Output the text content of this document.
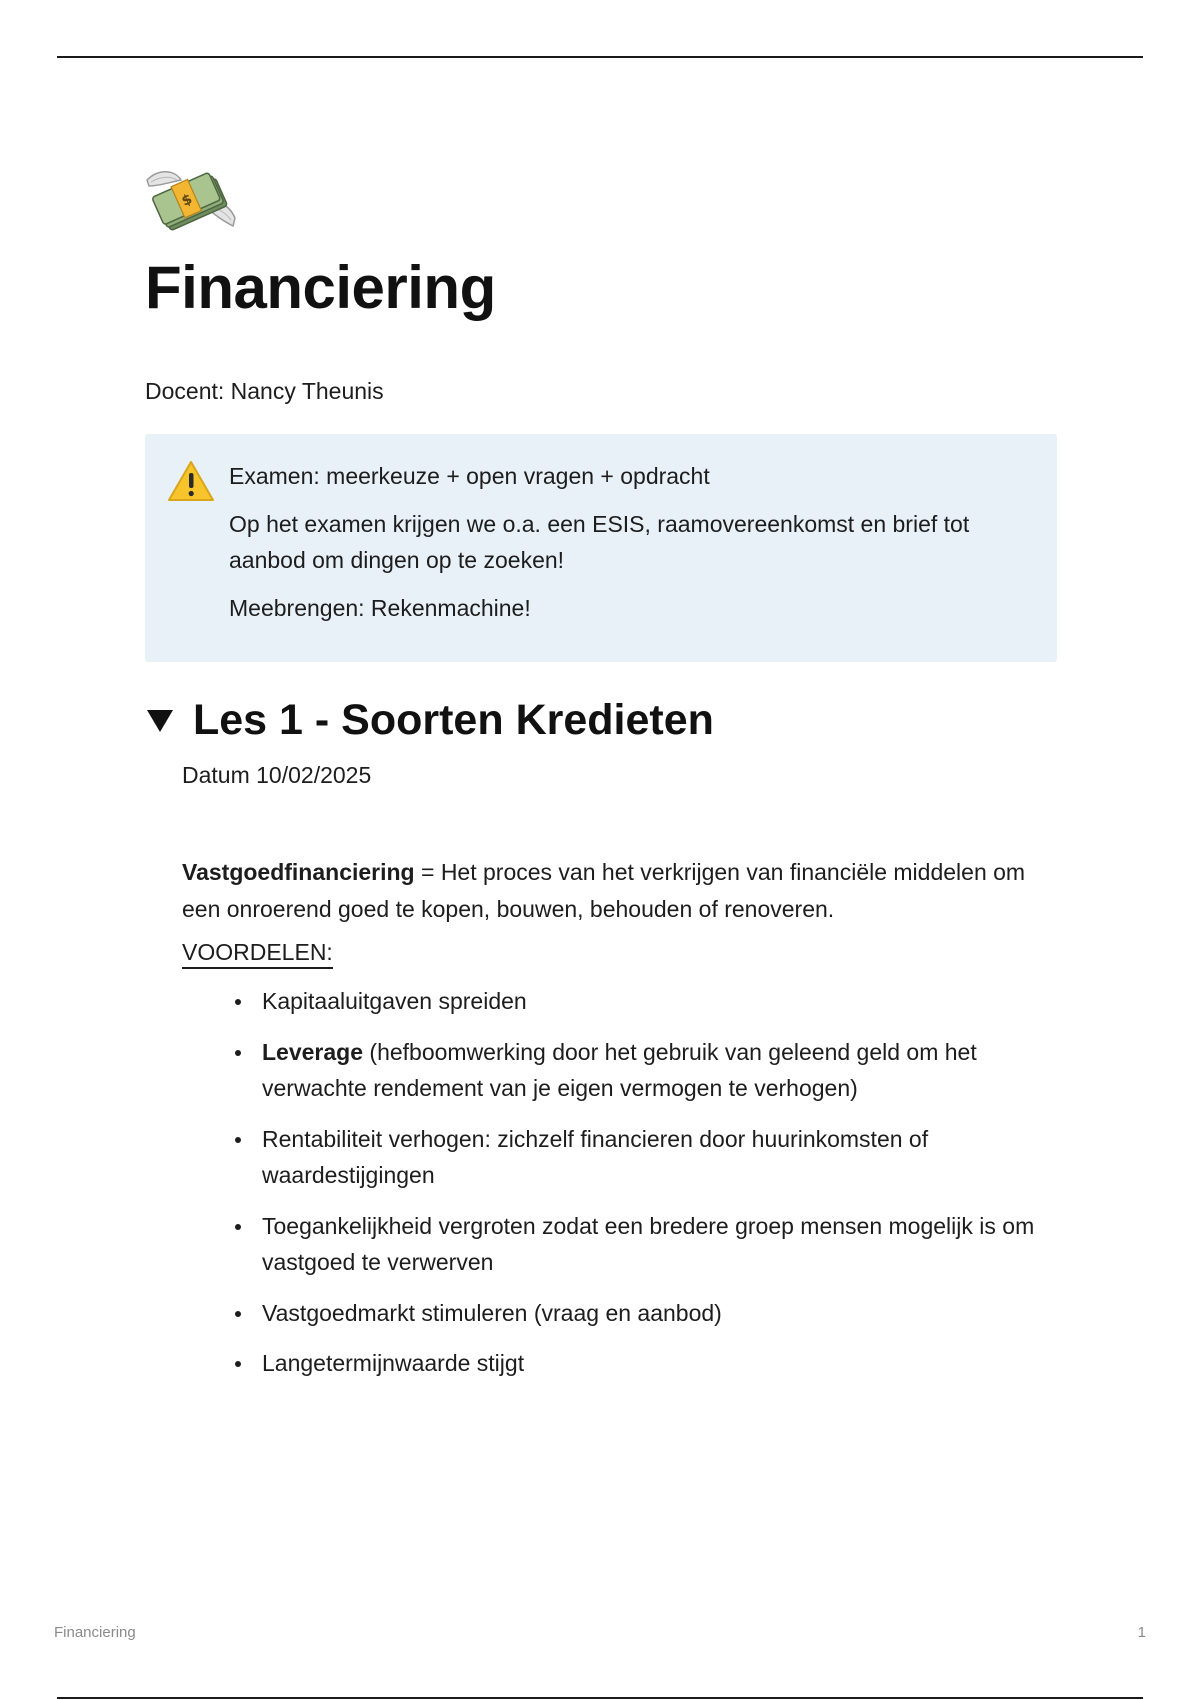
$
Financiering
Docent: Nancy Theunis

Examen: meerkeuze + open vragen + opdracht

Op het examen krijgen we o.a. een ESIS, raamovereenkomst en brief tot aanbod om dingen op te zoeken!

Meebrengen: Rekenmachine!

Les 1 - Soorten Kredieten
Datum 10/02/2025
Vastgoedfinanciering = Het proces van het verkrijgen van financiële middelen om een onroerend goed te kopen, bouwen, behouden of renoveren.
VOORDELEN:
Kapitaaluitgaven spreiden
Leverage (hefboomwerking door het gebruik van geleend geld om het verwachte rendement van je eigen vermogen te verhogen)
Rentabiliteit verhogen: zichzelf financieren door huurinkomsten of waardestijgingen
Toegankelijkheid vergroten zodat een bredere groep mensen mogelijk is om vastgoed te verwerven
Vastgoedmarkt stimuleren (vraag en aanbod)
Langetermijnwaarde stijgt
Financiering	1
